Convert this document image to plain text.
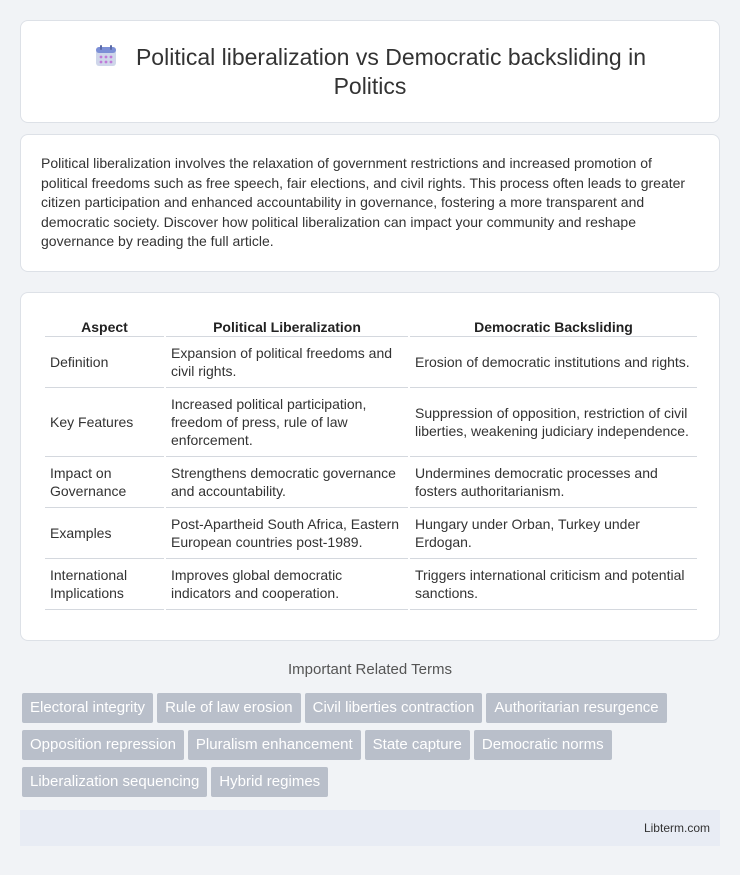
Political liberalization vs Democratic backsliding in Politics

Political liberalization involves the relaxation of government restrictions and increased promotion of political freedoms such as free speech, fair elections, and civil rights. This process often leads to greater citizen participation and enhanced accountability in governance, fostering a more transparent and democratic society. Discover how political liberalization can impact your community and reshape governance by reading the full article.

Aspect	Political Liberalization	Democratic Backsliding
Definition	Expansion of political freedoms and civil rights.	Erosion of democratic institutions and rights.
Key Features	Increased political participation, freedom of press, rule of law enforcement.	Suppression of opposition, restriction of civil liberties, weakening judiciary independence.
Impact on Governance	Strengthens democratic governance and accountability.	Undermines democratic processes and fosters authoritarianism.
Examples	Post-Apartheid South Africa, Eastern European countries post-1989.	Hungary under Orban, Turkey under Erdogan.
International Implications	Improves global democratic indicators and cooperation.	Triggers international criticism and potential sanctions.
Important Related Terms
Electoral integrity Rule of law erosion Civil liberties contraction Authoritarian resurgence
Opposition repression Pluralism enhancement State capture Democratic norms
Liberalization sequencing Hybrid regimes
Libterm.com
